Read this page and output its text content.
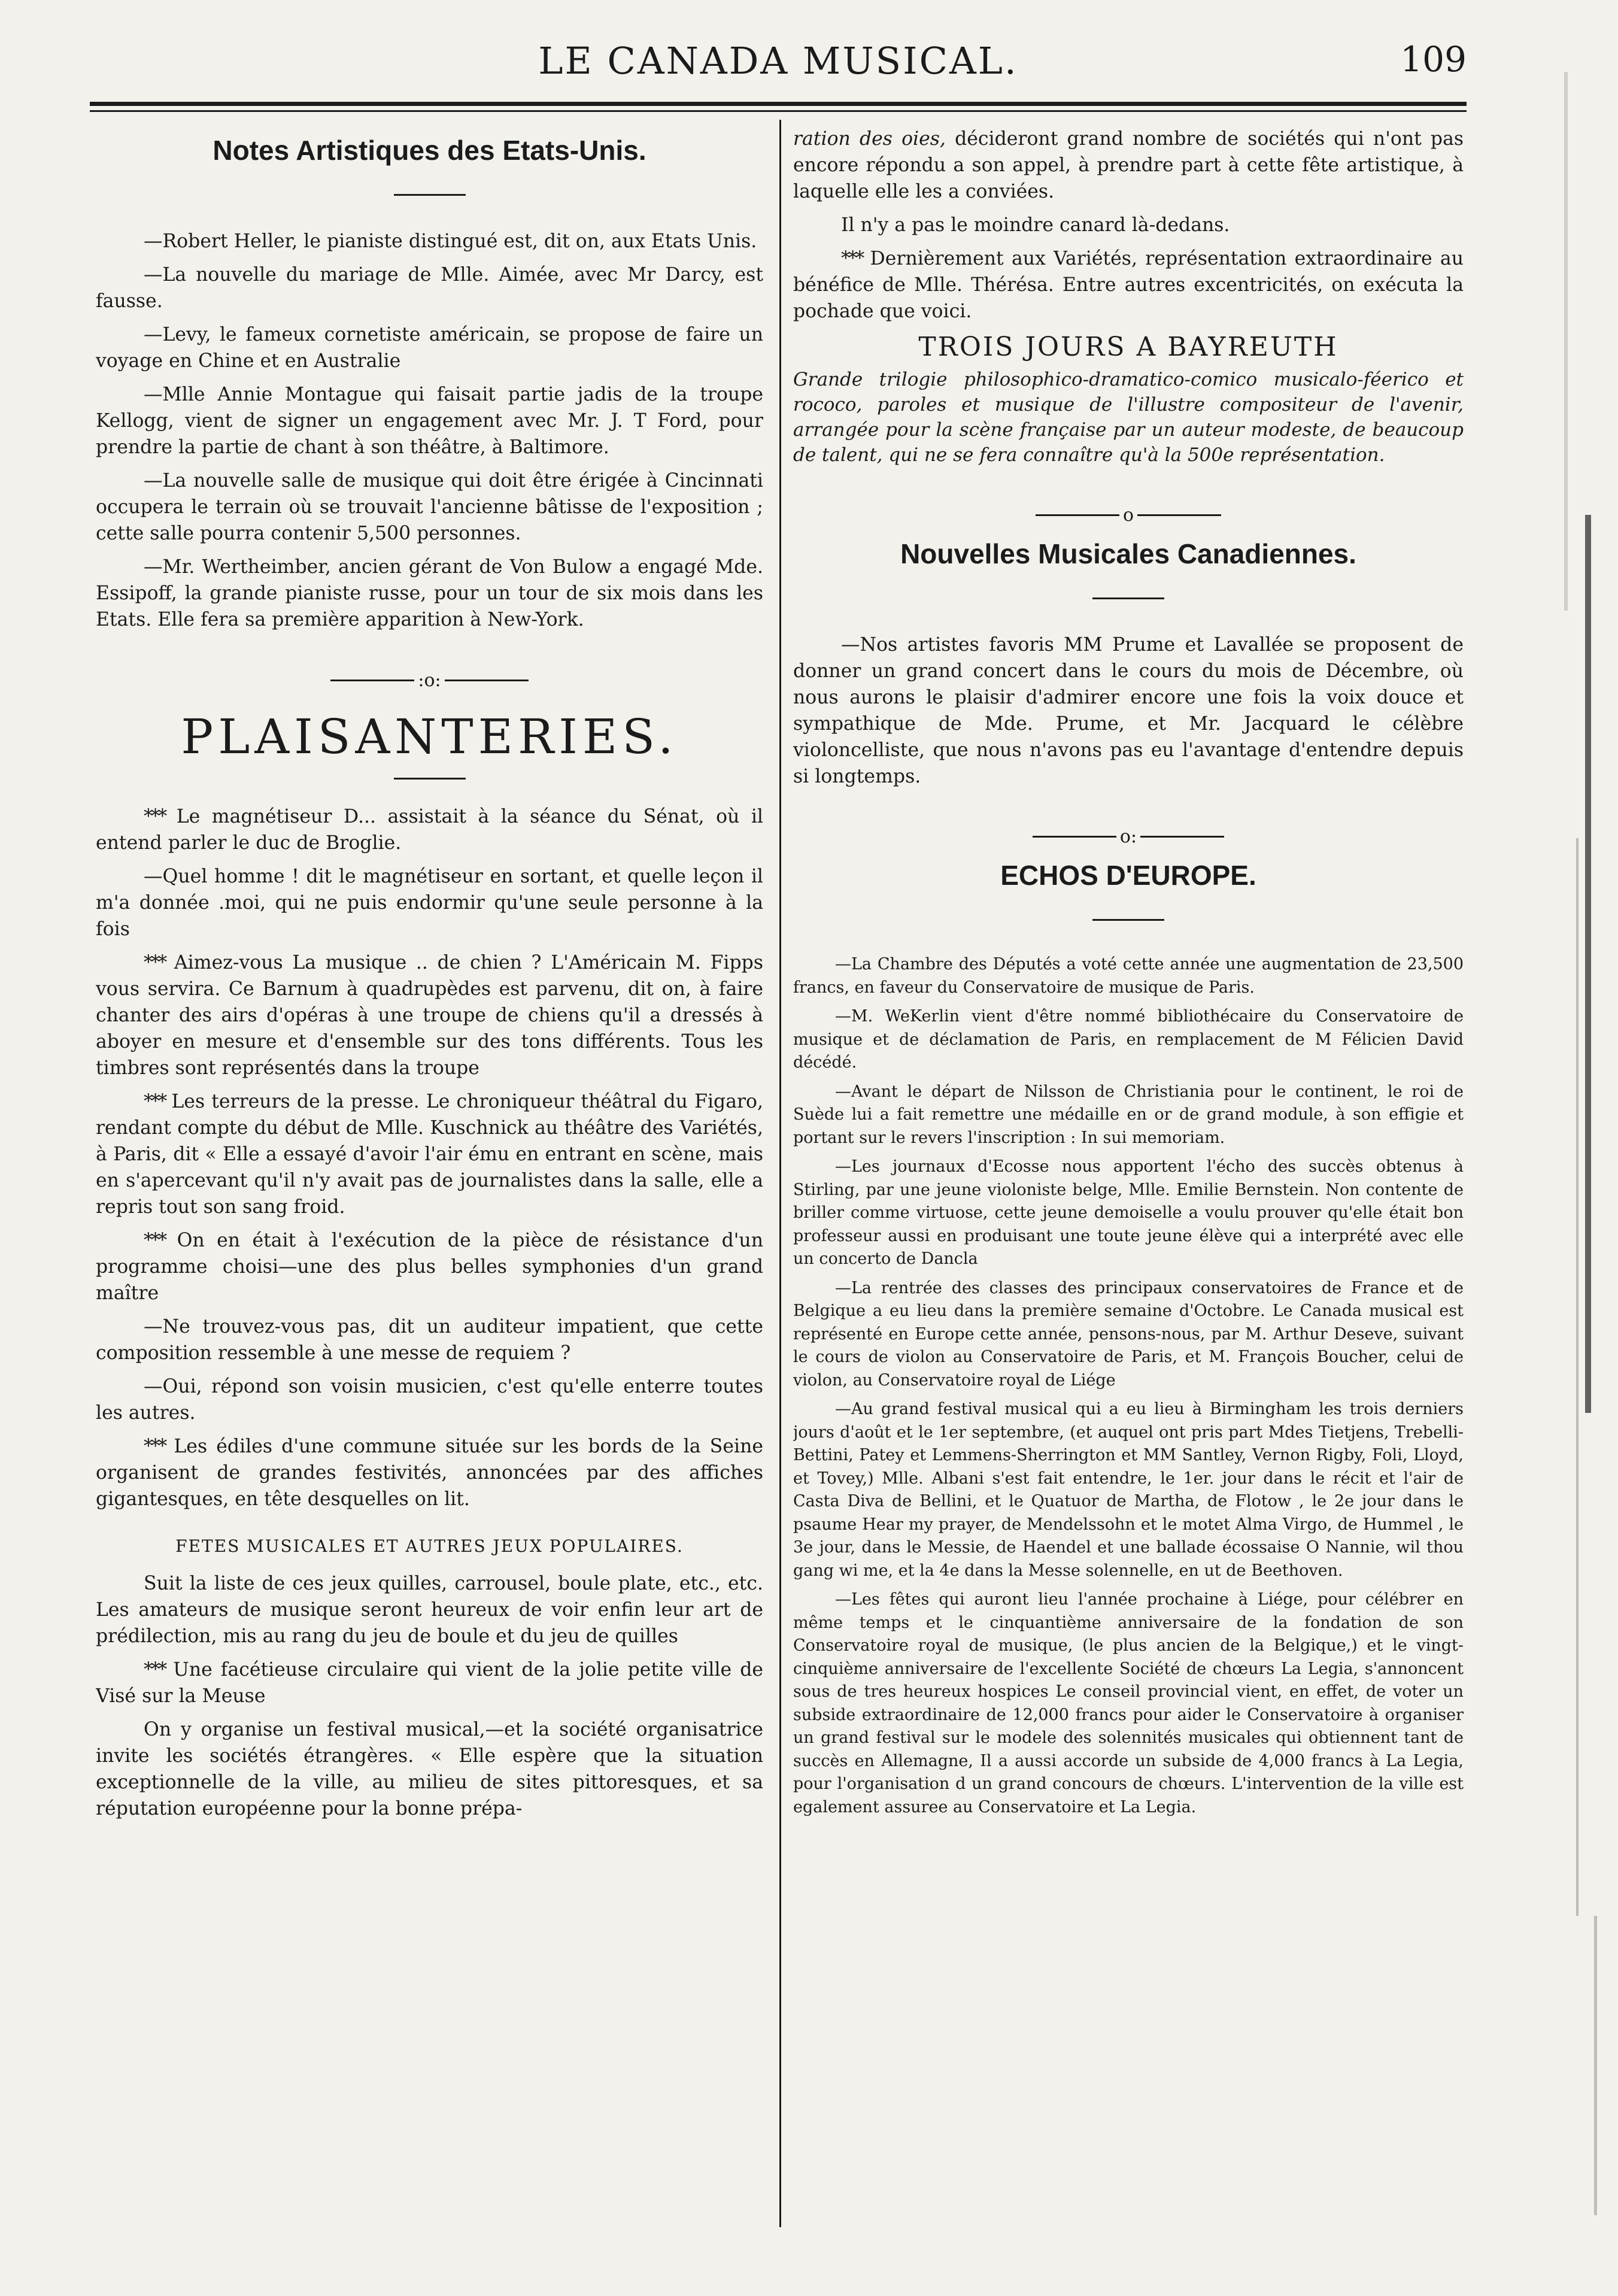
LE CANADA MUSICAL.	109
Notes Artistiques des Etats-Unis.

—Robert Heller, le pianiste distingué est, dit on, aux Etats Unis.

—La nouvelle du mariage de Mlle. Aimée, avec Mr Darcy, est fausse.

—Levy, le fameux cornetiste américain, se propose de faire un voyage en Chine et en Australie

—Mlle Annie Montague qui faisait partie jadis de la troupe Kellogg, vient de signer un engagement avec Mr. J. T Ford, pour prendre la partie de chant à son théâtre, à Baltimore.

—La nouvelle salle de musique qui doit être érigée à Cincinnati occupera le terrain où se trouvait l'ancienne bâtisse de l'exposition ; cette salle pourra contenir 5,500 personnes.

—Mr. Wertheimber, ancien gérant de Von Bulow a engagé Mde. Essipoff, la grande pianiste russe, pour un tour de six mois dans les Etats. Elle fera sa première apparition à New-York.

:o:
PLAISANTERIES.

*** Le magnétiseur D... assistait à la séance du Sénat, où il entend parler le duc de Broglie.

—Quel homme ! dit le magnétiseur en sortant, et quelle leçon il m'a donnée .moi, qui ne puis endormir qu'une seule personne à la fois

*** Aimez-vous La musique .. de chien ? L'Américain M. Fipps vous servira. Ce Barnum à quadrupèdes est parvenu, dit on, à faire chanter des airs d'opéras à une troupe de chiens qu'il a dressés à aboyer en mesure et d'ensemble sur des tons différents. Tous les timbres sont représentés dans la troupe

*** Les terreurs de la presse. Le chroniqueur théâtral du Figaro, rendant compte du début de Mlle. Kuschnick au théâtre des Variétés, à Paris, dit « Elle a essayé d'avoir l'air ému en entrant en scène, mais en s'apercevant qu'il n'y avait pas de journalistes dans la salle, elle a repris tout son sang froid.

*** On en était à l'exécution de la pièce de résistance d'un programme choisi—une des plus belles symphonies d'un grand maître

—Ne trouvez-vous pas, dit un auditeur impatient, que cette composition ressemble à une messe de requiem ?

—Oui, répond son voisin musicien, c'est qu'elle enterre toutes les autres.

*** Les édiles d'une commune située sur les bords de la Seine organisent de grandes festivités, annoncées par des affiches gigantesques, en tête desquelles on lit.

FETES MUSICALES ET AUTRES JEUX POPULAIRES.

Suit la liste de ces jeux quilles, carrousel, boule plate, etc., etc. Les amateurs de musique seront heureux de voir enfin leur art de prédilection, mis au rang du jeu de boule et du jeu de quilles

*** Une facétieuse circulaire qui vient de la jolie petite ville de Visé sur la Meuse

On y organise un festival musical,—et la société organisatrice invite les sociétés étrangères. « Elle espère que la situation exceptionnelle de la ville, au milieu de sites pittoresques, et sa réputation européenne pour la bonne prépa-

ration des oies, décideront grand nombre de sociétés qui n'ont pas encore répondu a son appel, à prendre part à cette fête artistique, à laquelle elle les a conviées.

Il n'y a pas le moindre canard là-dedans.

*** Dernièrement aux Variétés, représentation extraordinaire au bénéfice de Mlle. Thérésa. Entre autres excentricités, on exécuta la pochade que voici.

TROIS JOURS A BAYREUTH
Grande trilogie philosophico-dramatico-comico musicalo-féerico et rococo, paroles et musique de l'illustre compositeur de l'avenir, arrangée pour la scène française par un auteur modeste, de beaucoup de talent, qui ne se fera connaître qu'à la 500e représentation.
o
Nouvelles Musicales Canadiennes.

—Nos artistes favoris MM Prume et Lavallée se proposent de donner un grand concert dans le cours du mois de Décembre, où nous aurons le plaisir d'admirer encore une fois la voix douce et sympathique de Mde. Prume, et Mr. Jacquard le célèbre violoncelliste, que nous n'avons pas eu l'avantage d'entendre depuis si longtemps.

o:
ECHOS D'EUROPE.

—La Chambre des Députés a voté cette année une augmentation de 23,500 francs, en faveur du Conservatoire de musique de Paris.

—M. WeKerlin vient d'être nommé bibliothécaire du Conservatoire de musique et de déclamation de Paris, en remplacement de M Félicien David décédé.

—Avant le départ de Nilsson de Christiania pour le continent, le roi de Suède lui a fait remettre une médaille en or de grand module, à son effigie et portant sur le revers l'inscription : In sui memoriam.

—Les journaux d'Ecosse nous apportent l'écho des succès obtenus à Stirling, par une jeune violoniste belge, Mlle. Emilie Bernstein. Non contente de briller comme virtuose, cette jeune demoiselle a voulu prouver qu'elle était bon professeur aussi en produisant une toute jeune élève qui a interprété avec elle un concerto de Dancla

—La rentrée des classes des principaux conservatoires de France et de Belgique a eu lieu dans la première semaine d'Octobre. Le Canada musical est représenté en Europe cette année, pensons-nous, par M. Arthur Deseve, suivant le cours de violon au Conservatoire de Paris, et M. François Boucher, celui de violon, au Conservatoire royal de Liége

—Au grand festival musical qui a eu lieu à Birmingham les trois derniers jours d'août et le 1er septembre, (et auquel ont pris part Mdes Tietjens, Trebelli-Bettini, Patey et Lemmens-Sherrington et MM Santley, Vernon Rigby, Foli, Lloyd, et Tovey,) Mlle. Albani s'est fait entendre, le 1er. jour dans le récit et l'air de Casta Diva de Bellini, et le Quatuor de Martha, de Flotow , le 2e jour dans le psaume Hear my prayer, de Mendelssohn et le motet Alma Virgo, de Hummel , le 3e jour, dans le Messie, de Haendel et une ballade écossaise O Nannie, wil thou gang wi me, et la 4e dans la Messe solennelle, en ut de Beethoven.

—Les fêtes qui auront lieu l'année prochaine à Liége, pour célébrer en même temps et le cinquantième anniversaire de la fondation de son Conservatoire royal de musique, (le plus ancien de la Belgique,) et le vingt-cinquième anniversaire de l'excellente Société de chœurs La Legia, s'annoncent sous de tres heureux hospices Le conseil provincial vient, en effet, de voter un subside extraordinaire de 12,000 francs pour aider le Conservatoire à organiser un grand festival sur le modele des solennités musicales qui obtiennent tant de succès en Allemagne, Il a aussi accorde un subside de 4,000 francs à La Legia, pour l'organisation d un grand concours de chœurs. L'intervention de la ville est egalement assuree au Conservatoire et La Legia.
